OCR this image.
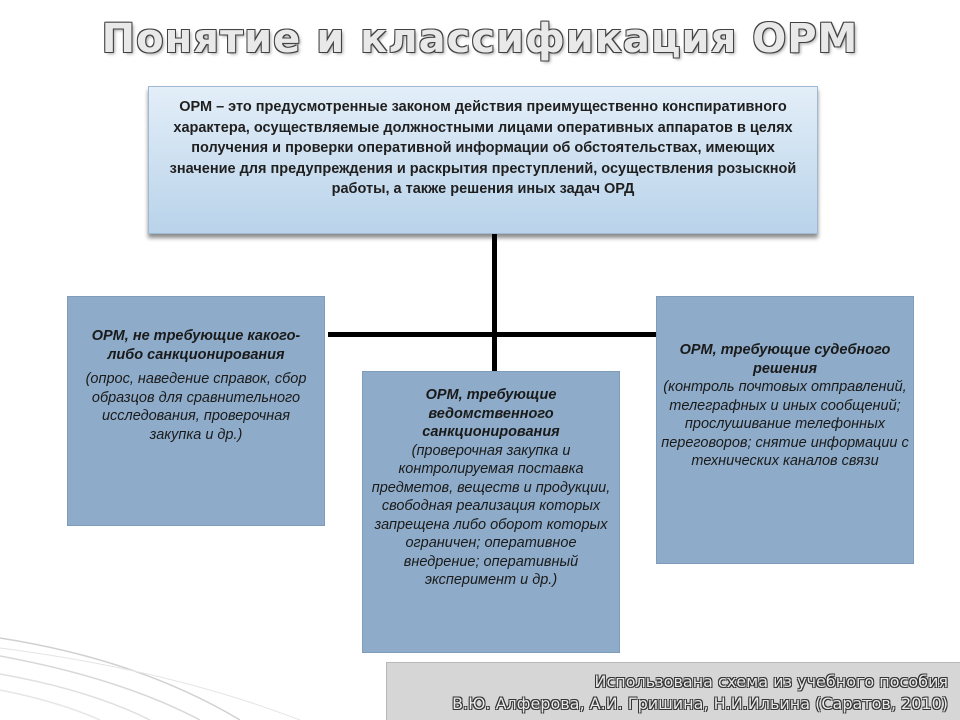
Понятие и классификация ОРМ
ОРМ – это предусмотренные законом действия преимущественно конспиративного характера, осуществляемые должностными лицами оперативных аппаратов в целях получения и проверки оперативной информации об обстоятельствах, имеющих значение для предупреждения и раскрытия преступлений, осуществления розыскной работы, а также решения иных задач ОРД
ОРМ, не требующие какого-либо санкционирования
(опрос, наведение справок, сбор образцов для сравнительного исследования, проверочная закупка и др.)
ОРМ, требующие ведомственного санкционирования
(проверочная закупка и контролируемая поставка предметов, веществ и продукции, свободная реализация которых запрещена либо оборот которых ограничен; оперативное внедрение; оперативный эксперимент и др.)
ОРМ, требующие судебного решения
(контроль почтовых отправлений, телеграфных и иных сообщений; прослушивание телефонных переговоров; снятие информации с технических каналов связи
Использована схема из учебного пособия
В.Ю. Алферова, А.И. Гришина, Н.И.Ильина (Саратов, 2010)
